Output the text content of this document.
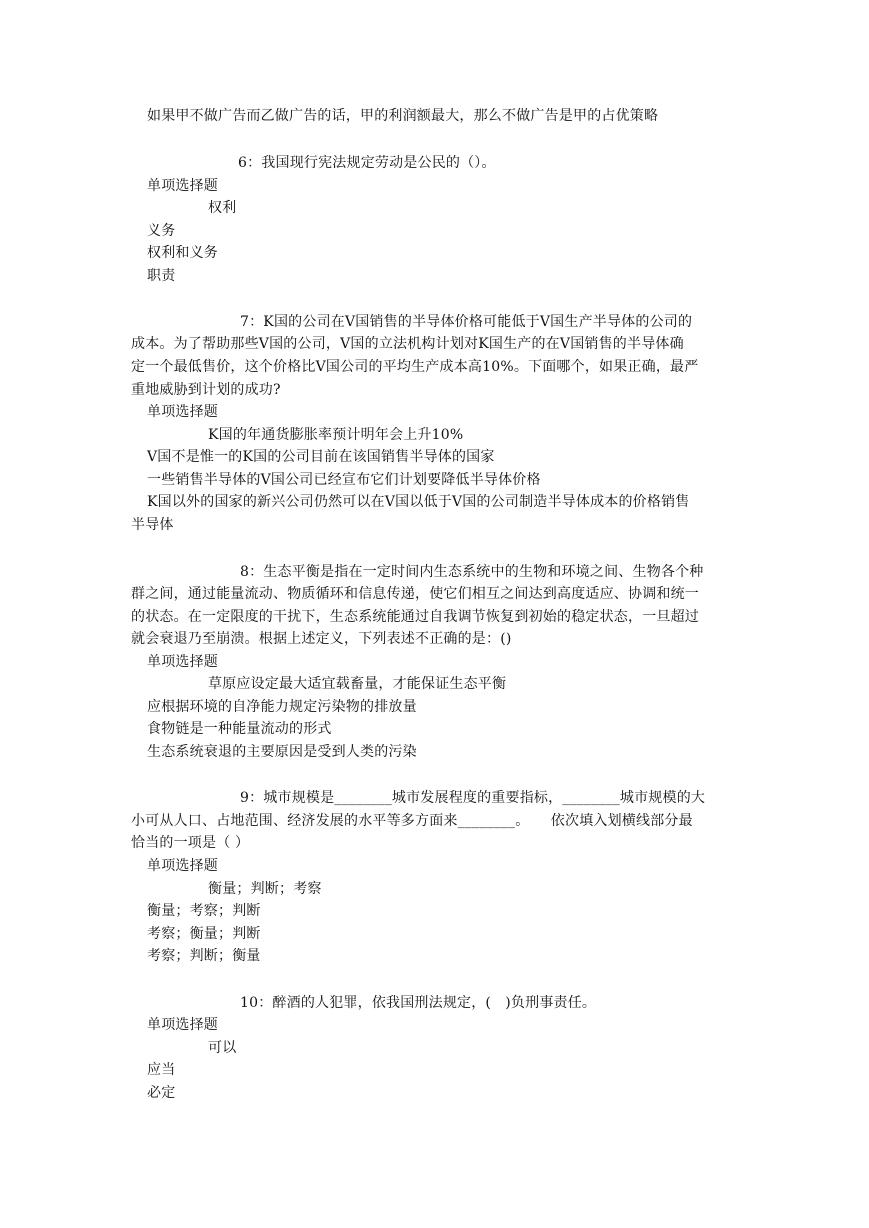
如果甲不做广告而乙做广告的话，甲的利润额最大，那么不做广告是甲的占优策略
6：我国现行宪法规定劳动是公民的（）。
单项选择题
权利
义务
权利和义务
职责
7：K国的公司在V国销售的半导体价格可能低于V国生产半导体的公司的
成本。为了帮助那些V国的公司，V国的立法机构计划对K国生产的在V国销售的半导体确
定一个最低售价，这个价格比V国公司的平均生产成本高10%。下面哪个，如果正确，最严
重地威胁到计划的成功?
单项选择题
K国的年通货膨胀率预计明年会上升10%
V国不是惟一的K国的公司目前在该国销售半导体的国家
一些销售半导体的V国公司已经宣布它们计划要降低半导体价格
K国以外的国家的新兴公司仍然可以在V国以低于V国的公司制造半导体成本的价格销售
半导体
8：生态平衡是指在一定时间内生态系统中的生物和环境之间、生物各个种
群之间，通过能量流动、物质循环和信息传递，使它们相互之间达到高度适应、协调和统一
的状态。在一定限度的干扰下，生态系统能通过自我调节恢复到初始的稳定状态，一旦超过
就会衰退乃至崩溃。根据上述定义，下列表述不正确的是：()
单项选择题
草原应设定最大适宜载畜量，才能保证生态平衡
应根据环境的自净能力规定污染物的排放量
食物链是一种能量流动的形式
生态系统衰退的主要原因是受到人类的污染
9：城市规模是________城市发展程度的重要指标，________城市规模的大
小可从人口、占地范围、经济发展的水平等多方面来________。　　依次填入划横线部分最
恰当的一项是（ ）
单项选择题
衡量；判断；考察
衡量；考察；判断
考察；衡量；判断
考察；判断；衡量
10：醉酒的人犯罪，依我国刑法规定，(　)负刑事责任。
单项选择题
可以
应当
必定
